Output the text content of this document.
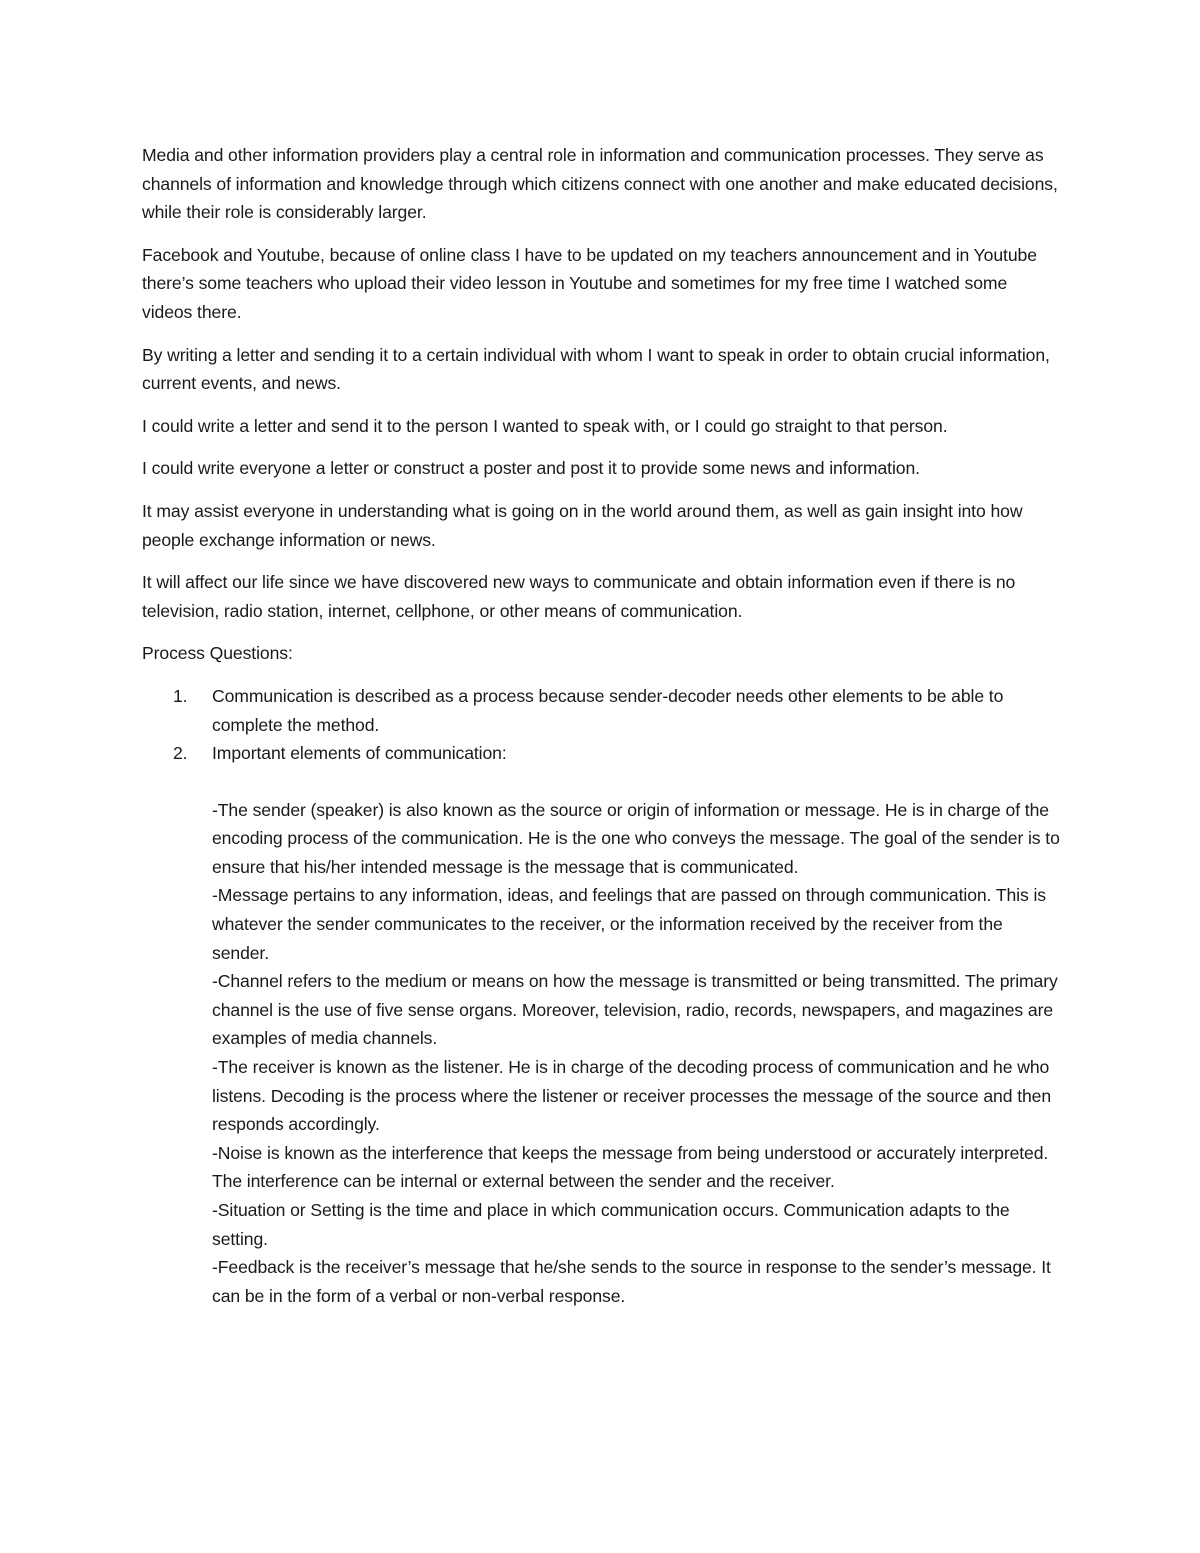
Media and other information providers play a central role in information and communication processes. They serve as channels of information and knowledge through which citizens connect with one another and make educated decisions, while their role is considerably larger.

Facebook and Youtube, because of online class I have to be updated on my teachers announcement and in Youtube there’s some teachers who upload their video lesson in Youtube and sometimes for my free time I watched some videos there.

By writing a letter and sending it to a certain individual with whom I want to speak in order to obtain crucial information, current events, and news.

I could write a letter and send it to the person I wanted to speak with, or I could go straight to that person.

I could write everyone a letter or construct a poster and post it to provide some news and information.

It may assist everyone in understanding what is going on in the world around them, as well as gain insight into how people exchange information or news.

It will affect our life since we have discovered new ways to communicate and obtain information even if there is no television, radio station, internet, cellphone, or other means of communication.

Process Questions:

1. Communication is described as a process because sender-decoder needs other elements to be able to complete the method.
2. Important elements of communication:
-The sender (speaker) is also known as the source or origin of information or message. He is in charge of the encoding process of the communication. He is the one who conveys the message. The goal of the sender is to ensure that his/her intended message is the message that is communicated.
-Message pertains to any information, ideas, and feelings that are passed on through communication. This is whatever the sender communicates to the receiver, or the information received by the receiver from the sender.
-Channel refers to the medium or means on how the message is transmitted or being transmitted. The primary channel is the use of five sense organs. Moreover, television, radio, records, newspapers, and magazines are examples of media channels.
-The receiver is known as the listener. He is in charge of the decoding process of communication and he who listens. Decoding is the process where the listener or receiver processes the message of the source and then responds accordingly.
-Noise is known as the interference that keeps the message from being understood or accurately interpreted. The interference can be internal or external between the sender and the receiver.
-Situation or Setting is the time and place in which communication occurs. Communication adapts to the setting.
-Feedback is the receiver’s message that he/she sends to the source in response to the sender’s message. It can be in the form of a verbal or non-verbal response.
